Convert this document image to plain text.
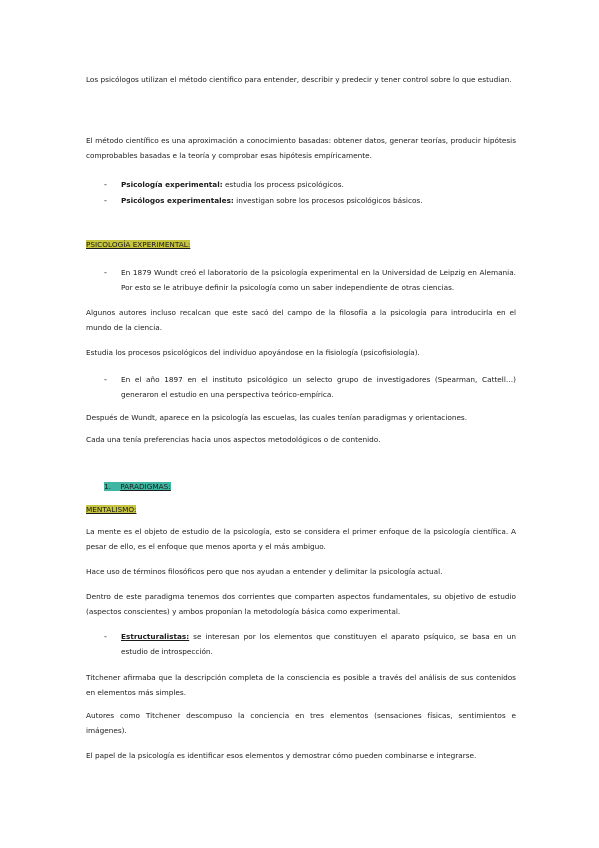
Los psicólogos utilizan el método científico para entender, describir y predecir y tener control sobre lo que estudian.

El método científico es una aproximación a conocimiento basadas: obtener datos, generar teorías, producir hipótesis comprobables basadas e la teoría y comprobar esas hipótesis empíricamente.

-	Psicología experimental: estudia los process psicológicos.

-	Psicólogos experimentales: investigan sobre los procesos psicológicos básicos.

PSICOLOGÍA EXPERIMENTAL:

-	En 1879 Wundt creó el laboratorio de la psicología experimental en la Universidad de Leipzig en Alemania. Por esto se le atribuye definir la psicología como un saber independiente de otras ciencias.

Algunos autores incluso recalcan que este sacó del campo de la filosofía a la psicología para introducirla en el mundo de la ciencia.

Estudia los procesos psicológicos del individuo apoyándose en la fisiología (psicofisiología).

-	En el año 1897 en el instituto psicológico un selecto grupo de investigadores (Spearman, Cattell…) generaron el estudio en una perspectiva teórico-empírica.

Después de Wundt, aparece en la psicología las escuelas, las cuales tenían paradigmas y orientaciones.

Cada una tenía preferencias hacia unos aspectos metodológicos o de contenido.

1. PARADIGMAS:

MENTALISMO:

La mente es el objeto de estudio de la psicología, esto se considera el primer enfoque de la psicología científica. A pesar de ello, es el enfoque que menos aporta y el más ambiguo.

Hace uso de términos filosóficos pero que nos ayudan a entender y delimitar la psicología actual.

Dentro de este paradigma tenemos dos corrientes que comparten aspectos fundamentales, su objetivo de estudio (aspectos conscientes) y ambos proponían la metodología básica como experimental.

-	Estructuralistas: se interesan por los elementos que constituyen el aparato psíquico, se basa en un estudio de introspección.

Titchener afirmaba que la descripción completa de la consciencia es posible a través del análisis de sus contenidos en elementos más simples.

Autores como Titchener descompuso la conciencia en tres elementos (sensaciones físicas, sentimientos e imágenes).

El papel de la psicología es identificar esos elementos y demostrar cómo pueden combinarse e integrarse.
